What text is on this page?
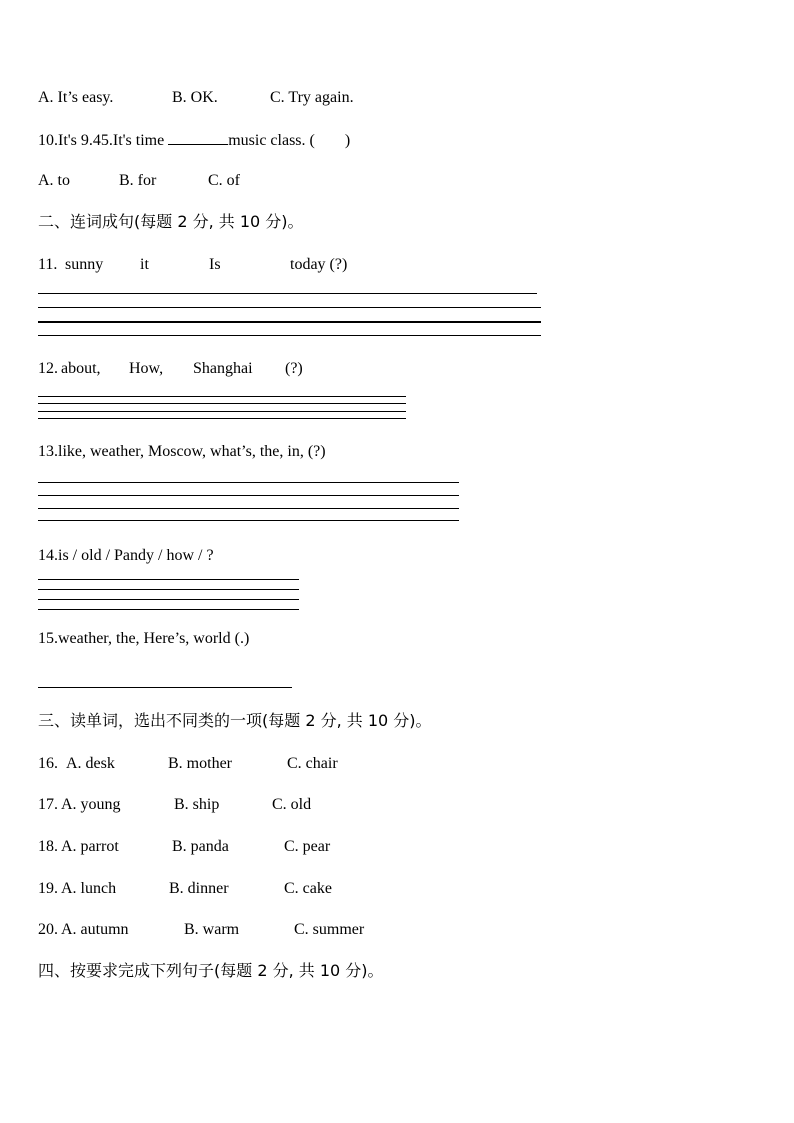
A. It’s easy.	B. OK.	C. Try again.
10.It's 9.45.It's time	music class. ( )
A. to	B. for	C. of
二、连词成句(每题 2 分, 共 10 分)。
11. sunny it	Is	today (?)
12. about, How, Shanghai (?)
13.like, weather, Moscow, what’s, the, in, (?)
14.is / old / Pandy / how / ?
15.weather, the, Here’s, world (.)
三、读单词，选出不同类的一项(每题 2 分, 共 10 分)。
16. A. desk	B. mother	C. chair
17. A. young	B. ship	C. old
18. A. parrot	B. panda	C. pear
19. A. lunch	B. dinner	C. cake
20. A. autumn	B. warm	C. summer
四、按要求完成下列句子(每题 2 分, 共 10 分)。
